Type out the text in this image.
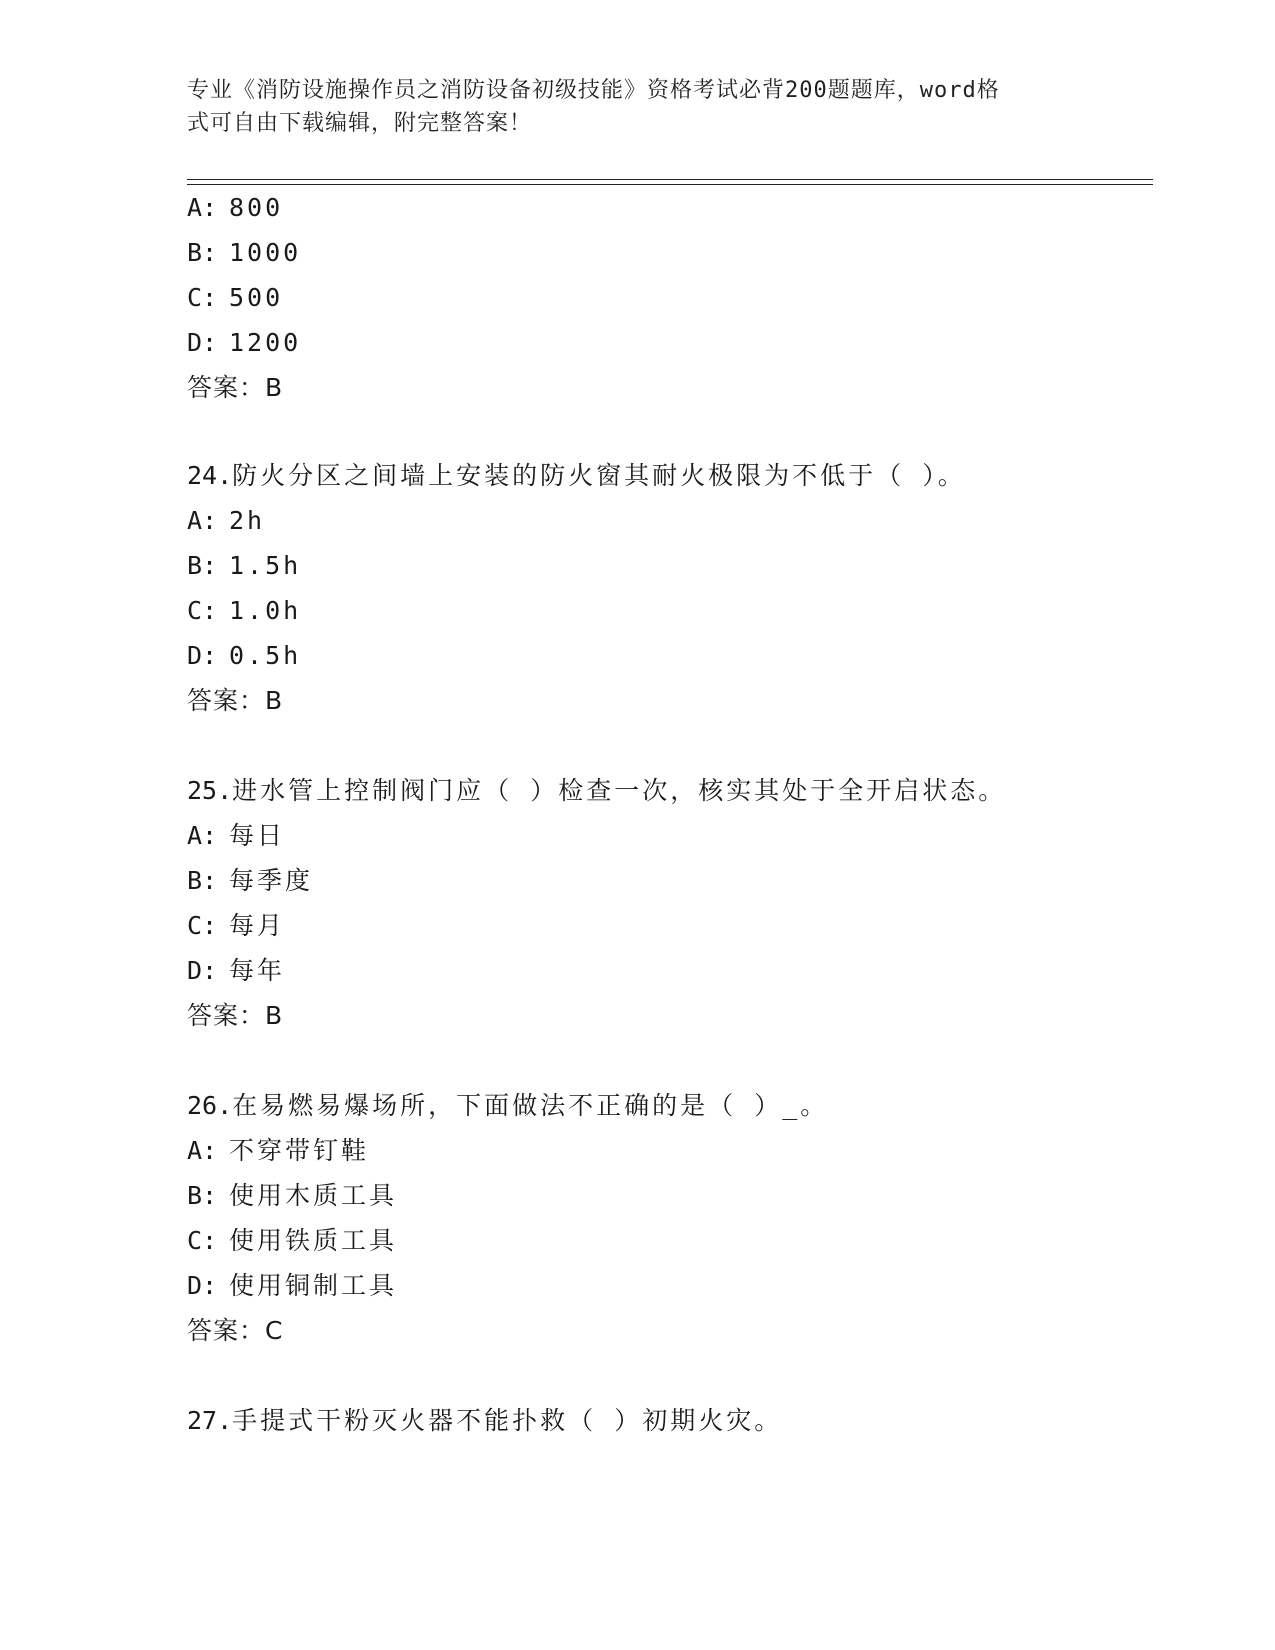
专业《消防设施操作员之消防设备初级技能》资格考试必背200题题库，word格
式可自由下载编辑，附完整答案！
A: 800
B: 1000
C: 500
D: 1200
答案：B
24.防火分区之间墙上安装的防火窗其耐火极限为不低于（ ）。
A: 2h
B: 1.5h
C: 1.0h
D: 0.5h
答案：B
25.进水管上控制阀门应（ ）检查一次，核实其处于全开启状态。
A: 每日
B: 每季度
C: 每月
D: 每年
答案：B
26.在易燃易爆场所，下面做法不正确的是（ ）_。
A: 不穿带钉鞋
B: 使用木质工具
C: 使用铁质工具
D: 使用铜制工具
答案：C
27.手提式干粉灭火器不能扑救（ ）初期火灾。
